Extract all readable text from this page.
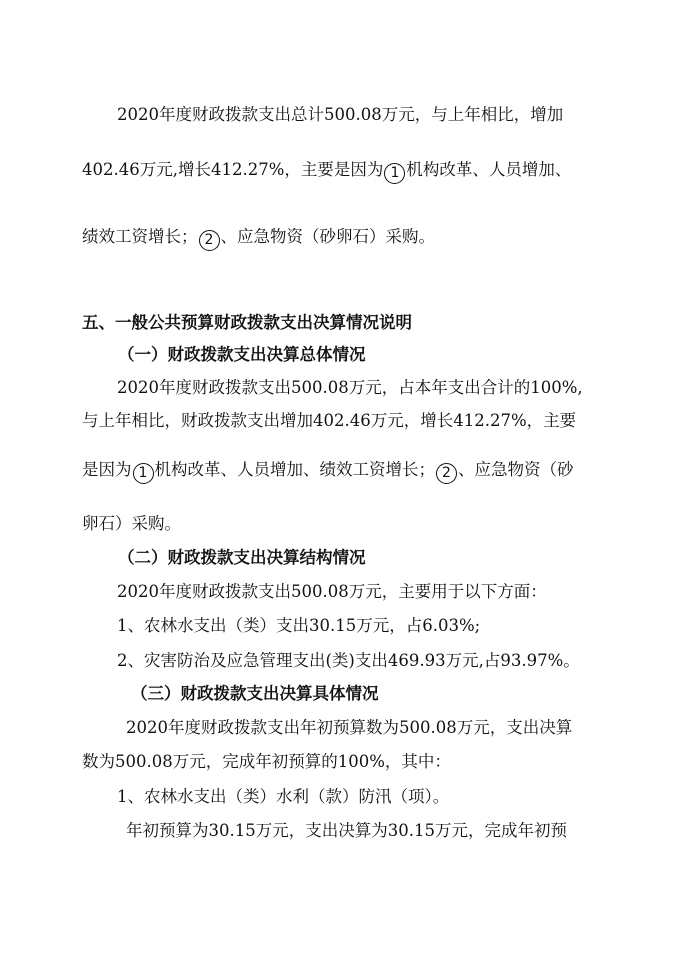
2020年度财政拨款支出总计500.08万元，与上年相比，增加
402.46万元,增长412.27%，主要是因为 1 机构改革、人员增加、
绩效工资增长； 2 、应急物资（砂卵石）采购。
五、一般公共预算财政拨款支出决算情况说明
（一）财政拨款支出决算总体情况
2020年度财政拨款支出500.08万元，占本年支出合计的100%,
与上年相比，财政拨款支出增加402.46万元，增长412.27%，主要
是因为 1 机构改革、人员增加、绩效工资增长； 2 、应急物资（砂
卵石）采购。
（二）财政拨款支出决算结构情况
2020年度财政拨款支出500.08万元，主要用于以下方面：
1、农林水支出（类）支出30.15万元，占6.03%;
2、灾害防治及应急管理支出(类)支出469.93万元,占93.97%。
（三）财政拨款支出决算具体情况
2020年度财政拨款支出年初预算数为500.08万元，支出决算
数为500.08万元，完成年初预算的100%，其中：
1、农林水支出（类）水利（款）防汛（项）。
年初预算为30.15万元，支出决算为30.15万元，完成年初预
